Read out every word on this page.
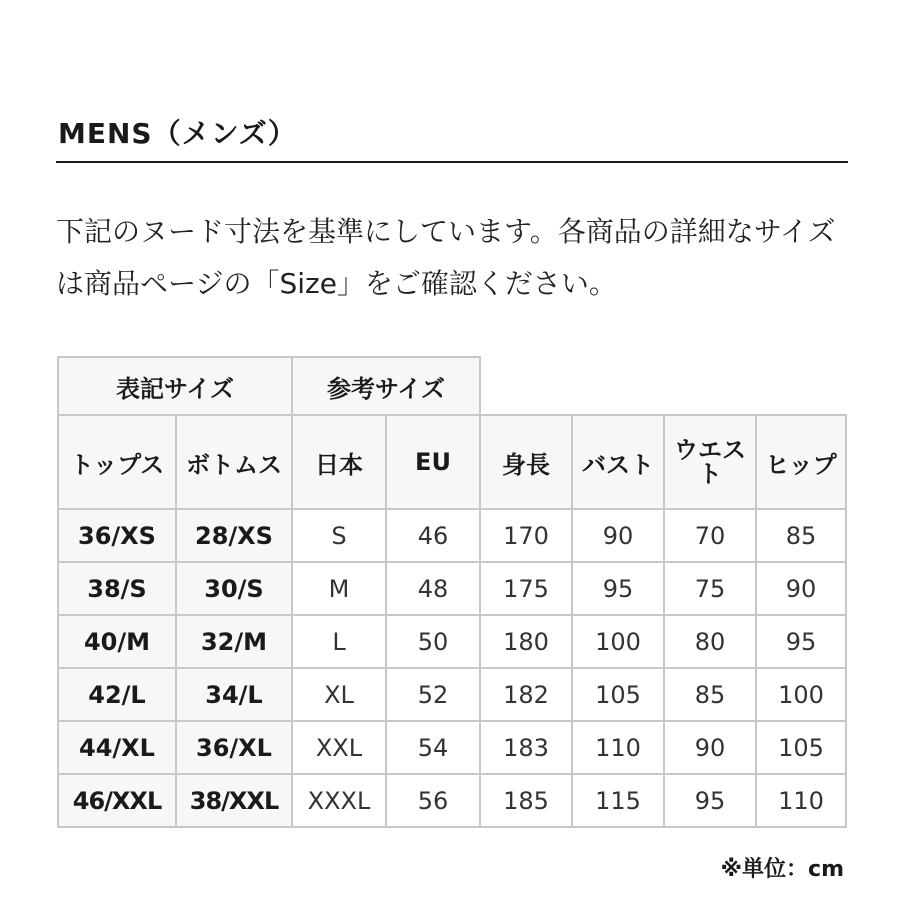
MENS（メンズ）

下記のヌード寸法を基準にしています。各商品の詳細なサイズは商品ページの「Size」をご確認ください。

表記サイズ		参考サイズ					
トップス	ボトムス	日本	EU	身長	バスト	ウエスト	ヒップ
36/XS	28/XS	S	46	170	90	70	85
38/S	30/S	M	48	175	95	75	90
40/M	32/M	L	50	180	100	80	95
42/L	34/L	XL	52	182	105	85	100
44/XL	36/XL	XXL	54	183	110	90	105
46/XXL	38/XXL	XXXL	56	185	115	95	110

※単位：cm
